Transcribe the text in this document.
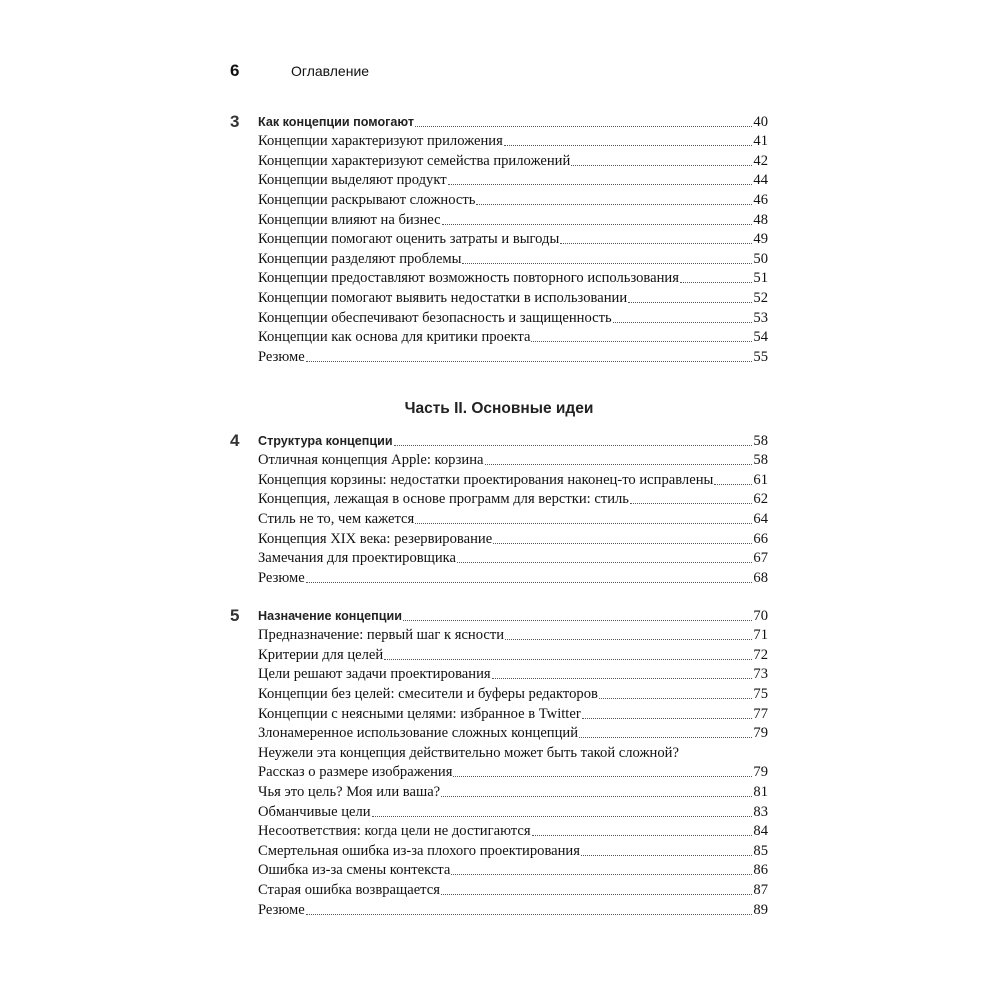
6	Оглавление
3	Как концепции помогают	40
Концепции характеризуют приложения	41
Концепции характеризуют семейства приложений	42
Концепции выделяют продукт	44
Концепции раскрывают сложность	46
Концепции влияют на бизнес	48
Концепции помогают оценить затраты и выгоды	49
Концепции разделяют проблемы	50
Концепции предоставляют возможность повторного использования	51
Концепции помогают выявить недостатки в использовании	52
Концепции обеспечивают безопасность и защищенность	53
Концепции как основа для критики проекта	54
Резюме	55
Часть II. Основные идеи
4	Структура концепции	58
Отличная концепция Apple: корзина	58
Концепция корзины: недостатки проектирования наконец-то исправлены	61
Концепция, лежащая в основе программ для верстки: стиль	62
Стиль не то, чем кажется	64
Концепция XIX века: резервирование	66
Замечания для проектировщика	67
Резюме	68
5	Назначение концепции	70
Предназначение: первый шаг к ясности	71
Критерии для целей	72
Цели решают задачи проектирования	73
Концепции без целей: смесители и буферы редакторов	75
Концепции с неясными целями: избранное в Twitter	77
Злонамеренное использование сложных концепций	79
Неужели эта концепция действительно может быть такой сложной?
Рассказ о размере изображения	79
Чья это цель? Моя или ваша?	81
Обманчивые цели	83
Несоответствия: когда цели не достигаются	84
Смертельная ошибка из-за плохого проектирования	85
Ошибка из-за смены контекста	86
Старая ошибка возвращается	87
Резюме	89
